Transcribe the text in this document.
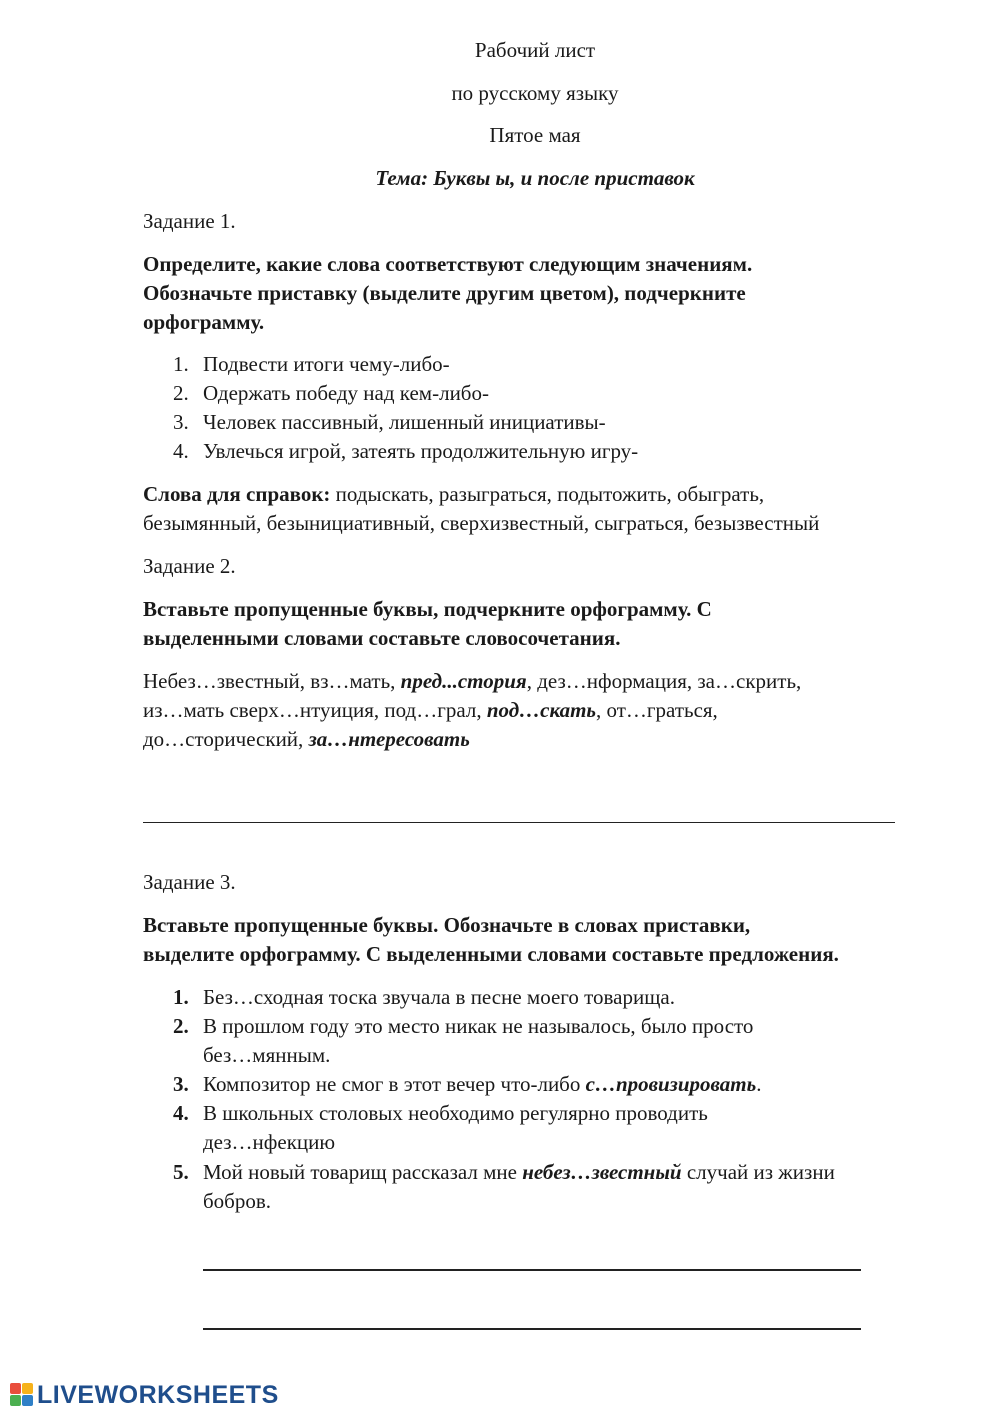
Рабочий лист
по русскому языку
Пятое мая
Тема: Буквы ы, и после приставок
Задание 1.
Определите, какие слова соответствуют следующим значениям.
Обозначьте приставку (выделите другим цветом), подчеркните
орфограмму.
1. Подвести итоги чему-либо-
2. Одержать победу над кем-либо-
3. Человек пассивный, лишенный инициативы-
4. Увлечься игрой, затеять продолжительную игру-
Слова для справок: подыскать, разыграться, подытожить, обыграть,
безымянный, безынициативный, сверхизвестный, сыграться, безызвестный
Задание 2.
Вставьте пропущенные буквы, подчеркните орфограмму. С
выделенными словами составьте словосочетания.
Небез…звестный, вз…мать, пред...стория, дез…нформация, за…скрить,
из…мать сверх…нтуиция, под…грал, под…скать, от…граться,
до…сторический, за…нтересовать
Задание 3.
Вставьте пропущенные буквы. Обозначьте в словах приставки,
выделите орфограмму. С выделенными словами составьте предложения.
1. Без…сходная тоска звучала в песне моего товарища.
2. В прошлом году это место никак не называлось, было просто
без…мянным.
3. Композитор не смог в этот вечер что-либо с…провизировать.
4. В школьных столовых необходимо регулярно проводить
дез…нфекцию
5. Мой новый товарищ рассказал мне небез…звестный случай из жизни
бобров.
LIVEWORKSHEETS
